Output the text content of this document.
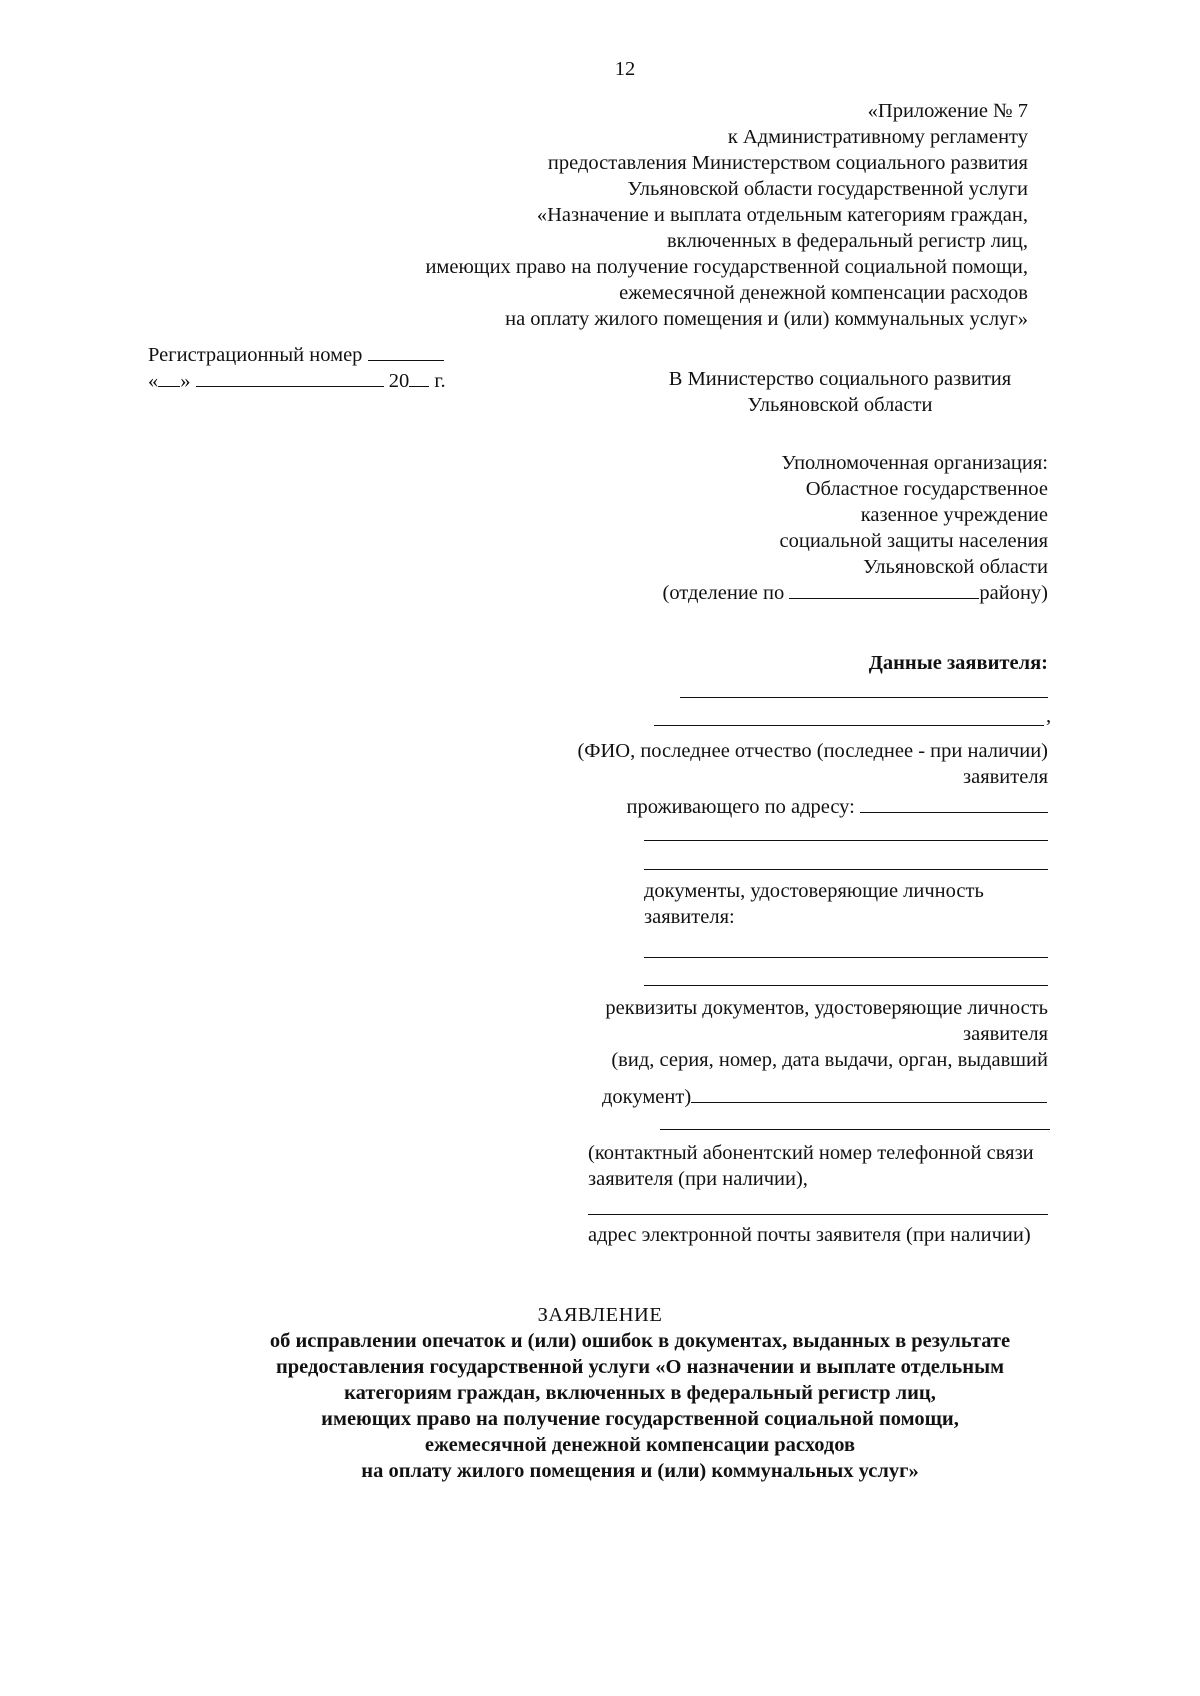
12
«Приложение № 7
к Административному регламенту
предоставления Министерством социального развития
Ульяновской области государственной услуги
«Назначение и выплата отдельным категориям граждан,
включенных в федеральный регистр лиц,
имеющих право на получение государственной социальной помощи,
ежемесячной денежной компенсации расходов
на оплату жилого помещения и (или) коммунальных услуг»
Регистрационный номер
« »	20 г.	В Министерство социального развития
Ульяновской области
Уполномоченная организация:
Областное государственное
казенное учреждение
социальной защиты населения
Ульяновской области
(отделение по	району)
Данные заявителя:
,
(ФИО, последнее отчество (последнее - при наличии)
заявителя
проживающего по адресу:
документы, удостоверяющие личность
заявителя:
реквизиты документов, удостоверяющие личность
заявителя
(вид, серия, номер, дата выдачи, орган, выдавший
документ)
(контактный абонентский номер телефонной связи
заявителя (при наличии),
адрес электронной почты заявителя (при наличии)
ЗАЯВЛЕНИЕ
об исправлении опечаток и (или) ошибок в документах, выданных в результате
предоставления государственной услуги «О назначении и выплате отдельным
категориям граждан, включенных в федеральный регистр лиц,
имеющих право на получение государственной социальной помощи,
ежемесячной денежной компенсации расходов
на оплату жилого помещения и (или) коммунальных услуг»
